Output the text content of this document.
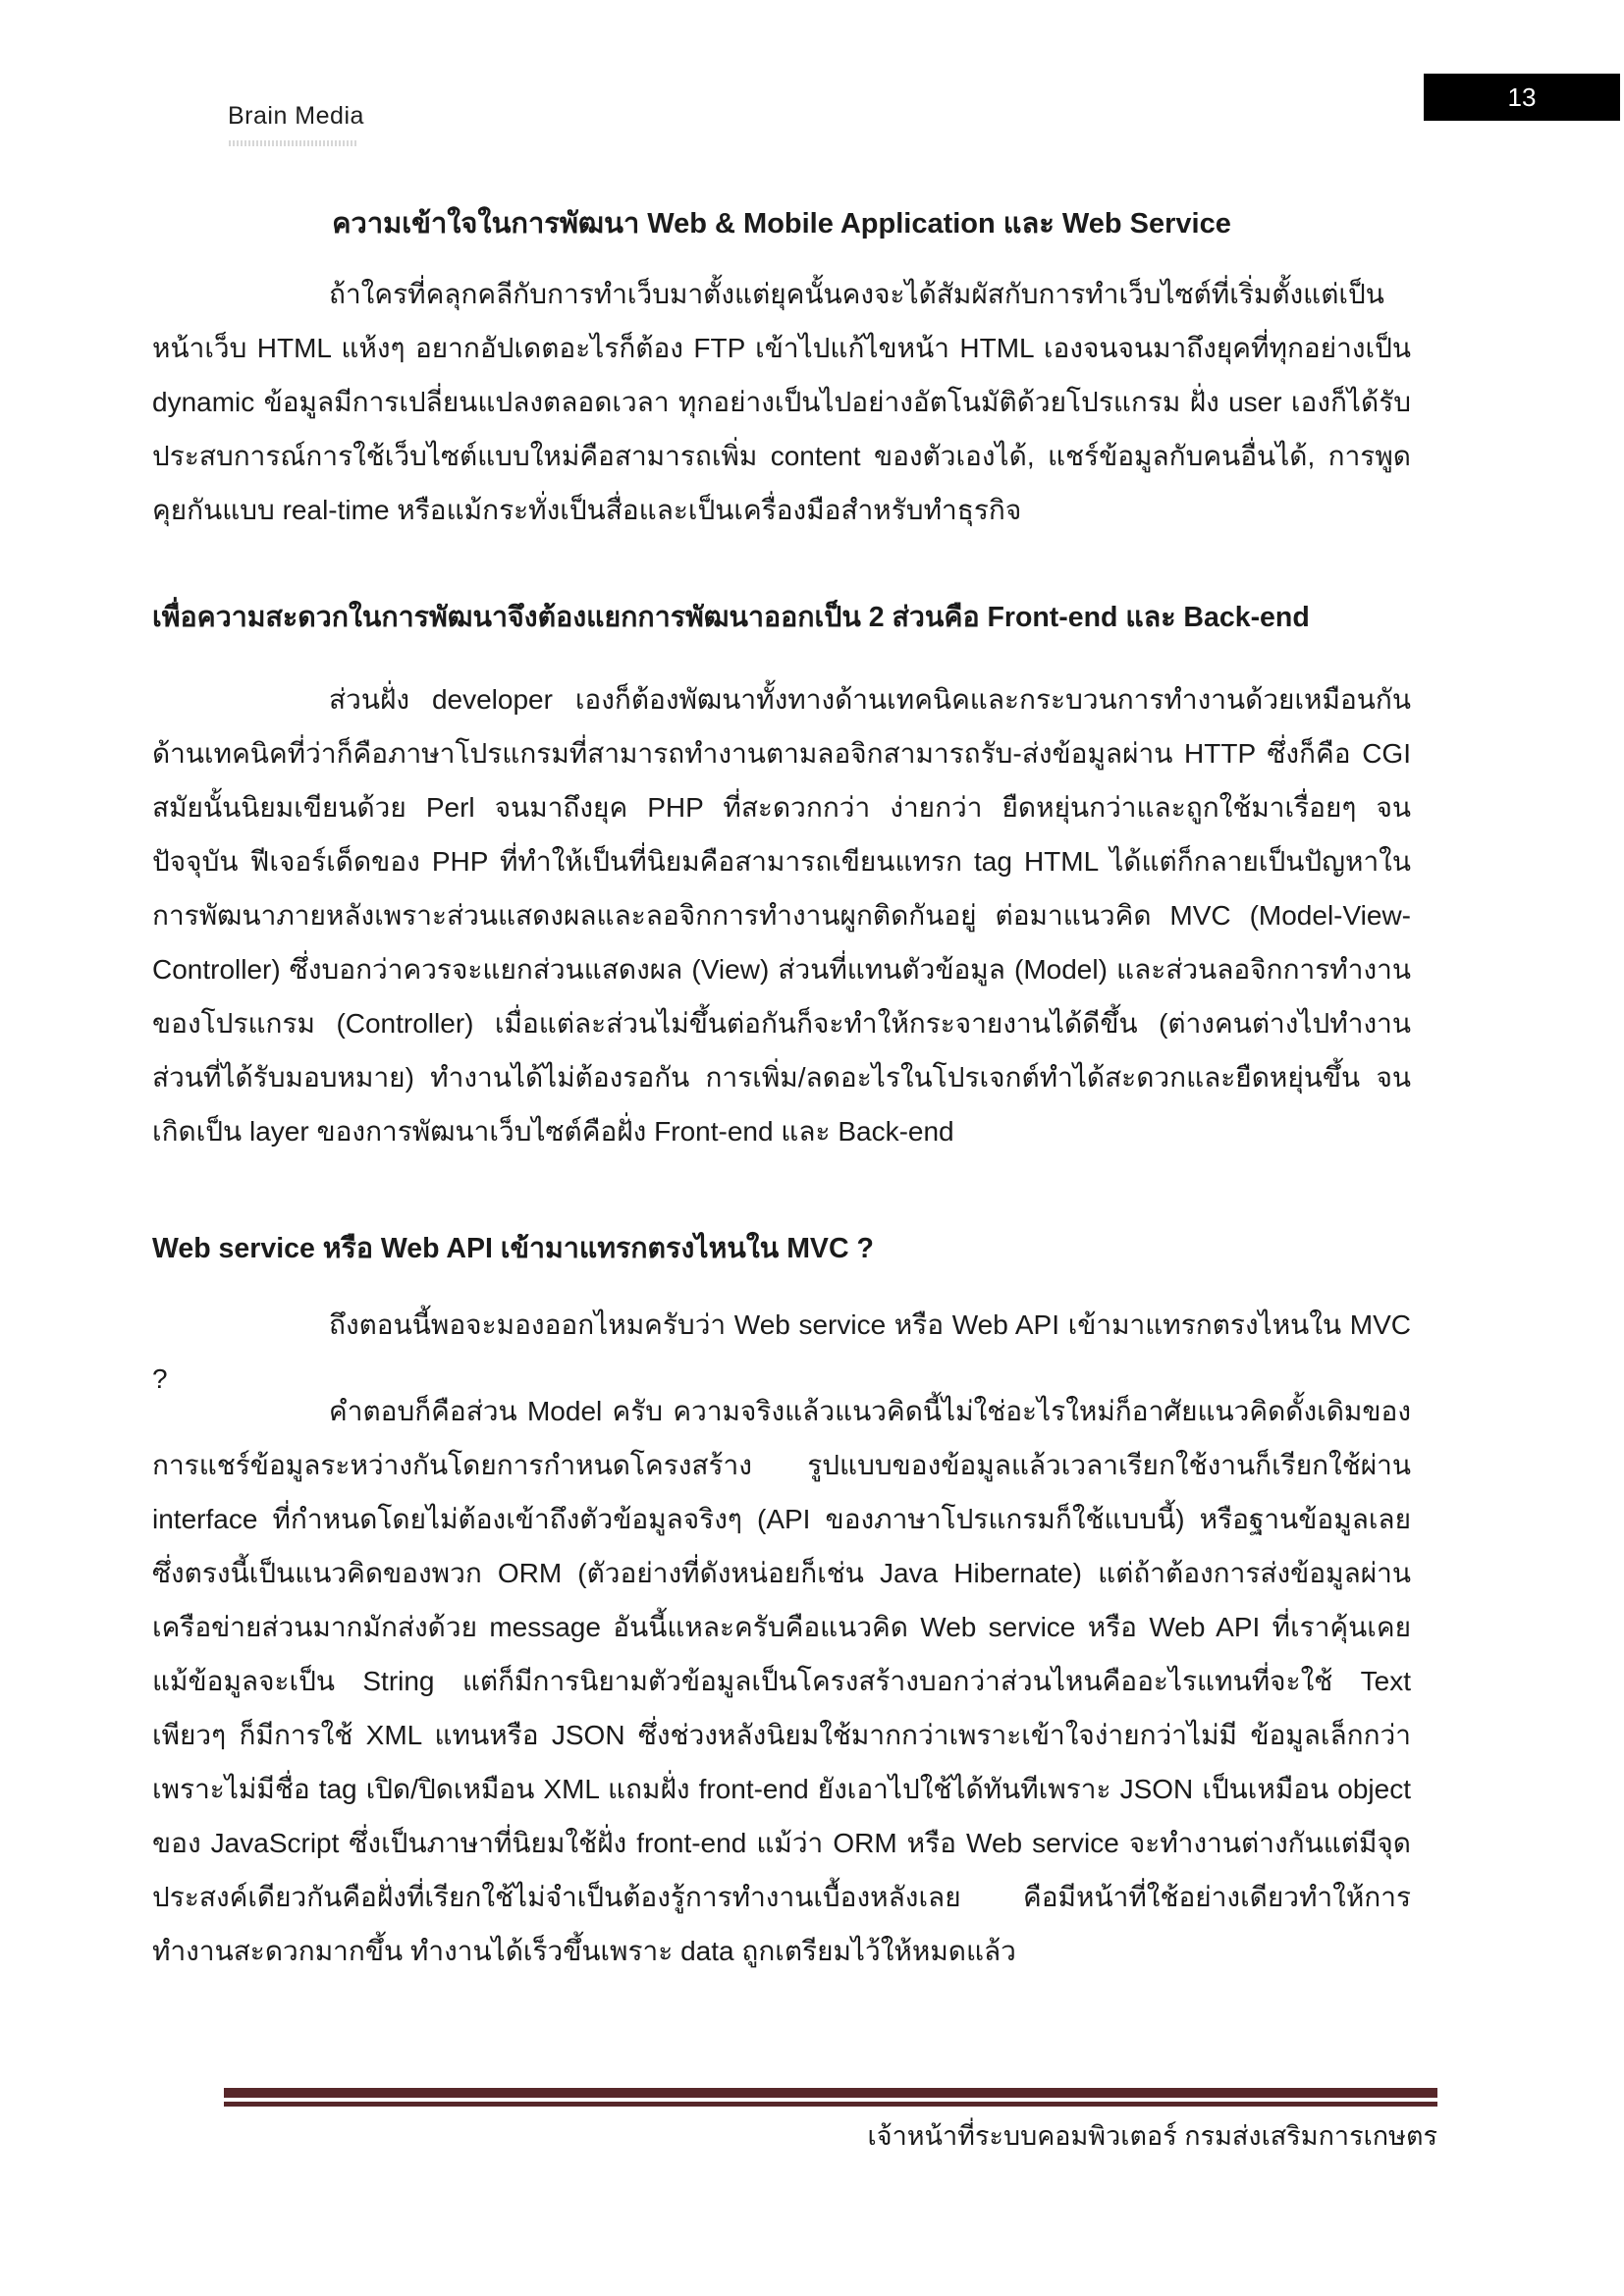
Brain Media
13
ความเข้าใจในการพัฒนา Web & Mobile Application และ Web Service
ถ้าใครที่คลุกคลีกับการทำเว็บมาตั้งแต่ยุคนั้นคงจะได้สัมผัสกับการทำเว็บไซต์ที่เริ่มตั้งแต่เป็นหน้าเว็บ HTML แห้งๆ อยากอัปเดตอะไรก็ต้อง FTP เข้าไปแก้ไขหน้า HTML เองจนจนมาถึงยุคที่ทุกอย่างเป็น dynamic ข้อมูลมีการเปลี่ยนแปลงตลอดเวลา ทุกอย่างเป็นไปอย่างอัตโนมัติด้วยโปรแกรม ฝั่ง user เองก็ได้รับประสบการณ์การใช้เว็บไซต์แบบใหม่คือสามารถเพิ่ม content ของตัวเองได้, แชร์ข้อมูลกับคนอื่นได้, การพูดคุยกันแบบ real-time หรือแม้กระทั่งเป็นสื่อและเป็นเครื่องมือสำหรับทำธุรกิจ
เพื่อความสะดวกในการพัฒนาจึงต้องแยกการพัฒนาออกเป็น 2 ส่วนคือ Front-end และ Back-end
ส่วนฝั่ง developer เองก็ต้องพัฒนาทั้งทางด้านเทคนิคและกระบวนการทำงานด้วยเหมือนกัน ด้านเทคนิคที่ว่าก็คือภาษาโปรแกรมที่สามารถทำงานตามลอจิกสามารถรับ-ส่งข้อมูลผ่าน HTTP ซึ่งก็คือ CGI สมัยนั้นนิยมเขียนด้วย Perl จนมาถึงยุค PHP ที่สะดวกกว่า ง่ายกว่า ยืดหยุ่นกว่าและถูกใช้มาเรื่อยๆ จนปัจจุบัน ฟีเจอร์เด็ดของ PHP ที่ทำให้เป็นที่นิยมคือสามารถเขียนแทรก tag HTML ได้แต่ก็กลายเป็นปัญหาในการพัฒนาภายหลังเพราะส่วนแสดงผลและลอจิกการทำงานผูกติดกันอยู่ ต่อมาแนวคิด MVC (Model-View-Controller) ซึ่งบอกว่าควรจะแยกส่วนแสดงผล (View) ส่วนที่แทนตัวข้อมูล (Model) และส่วนลอจิกการทำงานของโปรแกรม (Controller) เมื่อแต่ละส่วนไม่ขึ้นต่อกันก็จะทำให้กระจายงานได้ดีขึ้น (ต่างคนต่างไปทำงานส่วนที่ได้รับมอบหมาย) ทำงานได้ไม่ต้องรอกัน การเพิ่ม/ลดอะไรในโปรเจกต์ทำได้สะดวกและยืดหยุ่นขึ้น จนเกิดเป็น layer ของการพัฒนาเว็บไซต์คือฝั่ง Front-end และ Back-end
Web service หรือ Web API เข้ามาแทรกตรงไหนใน MVC ?
ถึงตอนนี้พอจะมองออกไหมครับว่า Web service หรือ Web API เข้ามาแทรกตรงไหนใน MVC ?
คำตอบก็คือส่วน Model ครับ ความจริงแล้วแนวคิดนี้ไม่ใช่อะไรใหม่ก็อาศัยแนวคิดดั้งเดิมของการแชร์ข้อมูลระหว่างกันโดยการกำหนดโครงสร้าง รูปแบบของข้อมูลแล้วเวลาเรียกใช้งานก็เรียกใช้ผ่าน interface ที่กำหนดโดยไม่ต้องเข้าถึงตัวข้อมูลจริงๆ (API ของภาษาโปรแกรมก็ใช้แบบนี้) หรือฐานข้อมูลเลยซึ่งตรงนี้เป็นแนวคิดของพวก ORM (ตัวอย่างที่ดังหน่อยก็เช่น Java Hibernate) แต่ถ้าต้องการส่งข้อมูลผ่านเครือข่ายส่วนมากมักส่งด้วย message อันนี้แหละครับคือแนวคิด Web service หรือ Web API ที่เราคุ้นเคย แม้ข้อมูลจะเป็น String แต่ก็มีการนิยามตัวข้อมูลเป็นโครงสร้างบอกว่าส่วนไหนคืออะไรแทนที่จะใช้ Text เพียวๆ ก็มีการใช้ XML แทนหรือ JSON ซึ่งช่วงหลังนิยมใช้มากกว่าเพราะเข้าใจง่ายกว่าไม่มี ข้อมูลเล็กกว่าเพราะไม่มีชื่อ tag เปิด/ปิดเหมือน XML แถมฝั่ง front-end ยังเอาไปใช้ได้ทันทีเพราะ JSON เป็นเหมือน object ของ JavaScript ซึ่งเป็นภาษาที่นิยมใช้ฝั่ง front-end แม้ว่า ORM หรือ Web service จะทำงานต่างกันแต่มีจุดประสงค์เดียวกันคือฝั่งที่เรียกใช้ไม่จำเป็นต้องรู้การทำงานเบื้องหลังเลย คือมีหน้าที่ใช้อย่างเดียวทำให้การทำงานสะดวกมากขึ้น ทำงานได้เร็วขึ้นเพราะ data ถูกเตรียมไว้ให้หมดแล้ว
เจ้าหน้าที่ระบบคอมพิวเตอร์ กรมส่งเสริมการเกษตร
